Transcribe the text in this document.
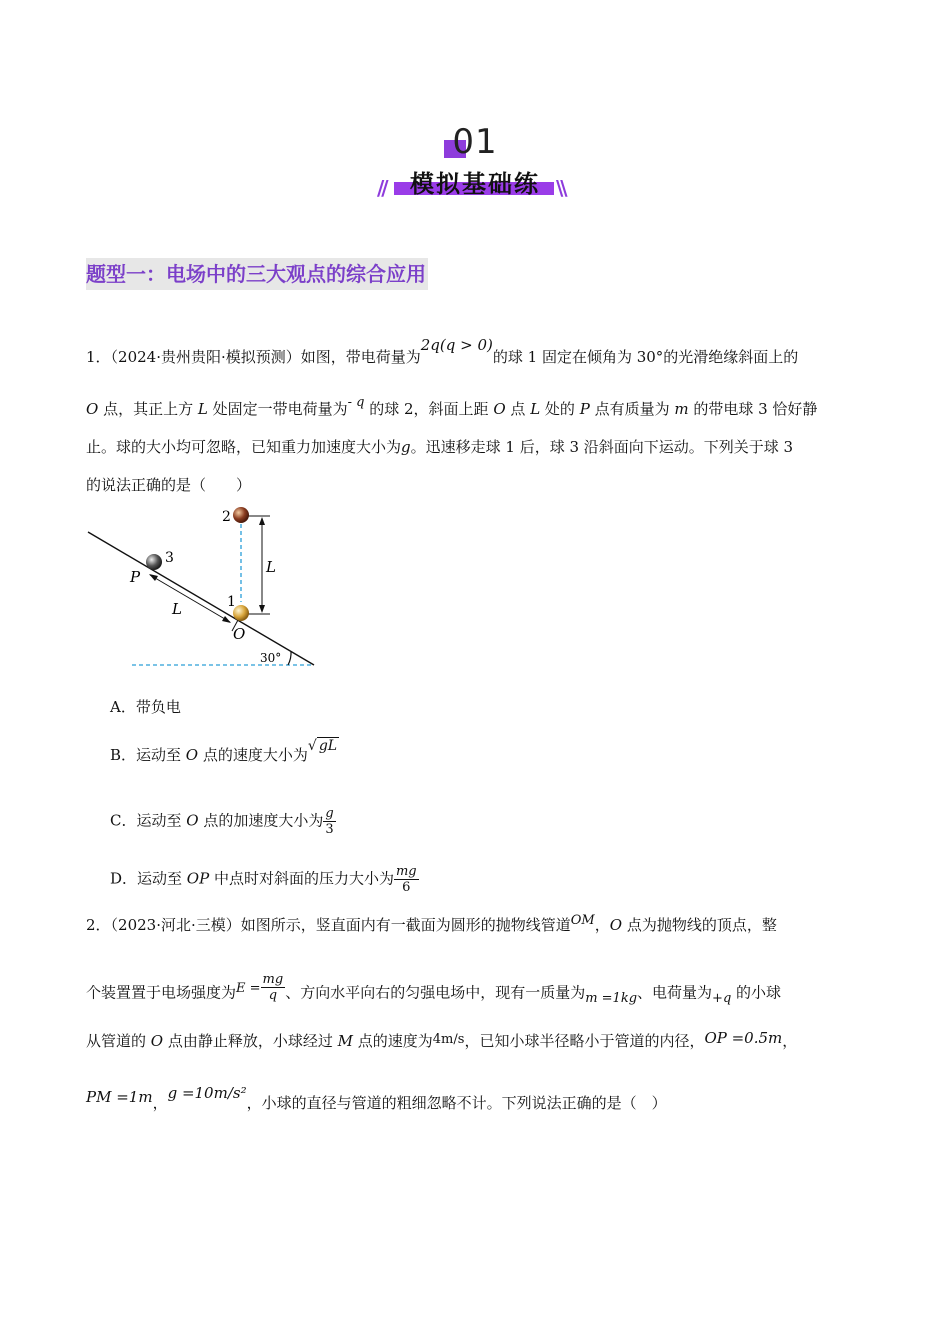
01
模拟基础练
//	\\
题型一：电场中的三大观点的综合应用
1．（2024·贵州贵阳·模拟预测）如图，带电荷量为2q(q > 0)的球 1 固定在倾角为 30°的光滑绝缘斜面上的
O 点，其正上方 L 处固定一带电荷量为- q 的球 2，斜面上距 O 点 L 处的 P 点有质量为 m 的带电球 3 恰好静
止。球的大小均可忽略，已知重力加速度大小为g。迅速移走球 1 后，球 3 沿斜面向下运动。下列关于球 3
的说法正确的是（　　）
30°
L
L
2
3
P
1
O
A．带负电
B．运动至 O 点的速度大小为√ gL
C．运动至 O 点的加速度大小为 $\frac{g}{3}$
D．运动至 OP 中点时对斜面的压力大小为 $\frac{mg}{6}$
2．（2023·河北·三模）如图所示，竖直面内有一截面为圆形的抛物线管道OM，O 点为抛物线的顶点，整
个装置置于电场强度为$E = \frac{mg}{q}$ 、方向水平向右的匀强电场中，现有一质量为m =1kg、电荷量为+q 的小球
从管道的 O 点由静止释放，小球经过 M 点的速度为4m/s，已知小球半径略小于管道的内径，OP =0.5m，
PM =1m，g =10m/s²，小球的直径与管道的粗细忽略不计。下列说法正确的是（　）
